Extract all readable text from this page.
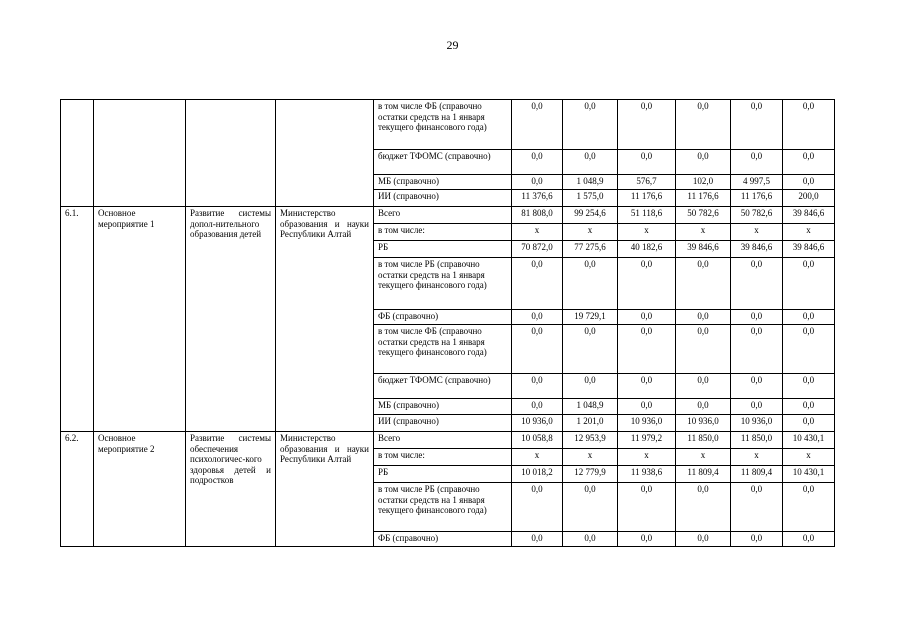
29
				в том числе ФБ (справочно остатки средств на 1 января текущего финансового года)	0,0	0,0	0,0	0,0	0,0	0,0
				бюджет ТФОМС (справочно)	0,0	0,0	0,0	0,0	0,0	0,0
				МБ (справочно)	0,0	1 048,9	576,7	102,0	4 997,5	0,0
				ИИ (справочно)	11 376,6	1 575,0	11 176,6	11 176,6	11 176,6	200,0
6.1.	Основное мероприятие 1	Развитие системы допол-нительного образования детей	Министерство образования и науки Республики Алтай	Всего	81 808,0	99 254,6	51 118,6	50 782,6	50 782,6	39 846,6
				в том числе:	x	x	x	x	x	x
				РБ	70 872,0	77 275,6	40 182,6	39 846,6	39 846,6	39 846,6
				в том числе РБ (справочно остатки средств на 1 января текущего финансового года)	0,0	0,0	0,0	0,0	0,0	0,0
				ФБ (справочно)	0,0	19 729,1	0,0	0,0	0,0	0,0
				в том числе ФБ (справочно остатки средств на 1 января текущего финансового года)	0,0	0,0	0,0	0,0	0,0	0,0
				бюджет ТФОМС (справочно)	0,0	0,0	0,0	0,0	0,0	0,0
				МБ (справочно)	0,0	1 048,9	0,0	0,0	0,0	0,0
				ИИ (справочно)	10 936,0	1 201,0	10 936,0	10 936,0	10 936,0	0,0
6.2.	Основное мероприятие 2	Развитие системы обеспечения психологичес-кого здоровья детей и подростков	Министерство образования и науки Республики Алтай	Всего	10 058,8	12 953,9	11 979,2	11 850,0	11 850,0	10 430,1
				в том числе:	x	x	x	x	x	x
				РБ	10 018,2	12 779,9	11 938,6	11 809,4	11 809,4	10 430,1
				в том числе РБ (справочно остатки средств на 1 января текущего финансового года)	0,0	0,0	0,0	0,0	0,0	0,0
				ФБ (справочно)	0,0	0,0	0,0	0,0	0,0	0,0
